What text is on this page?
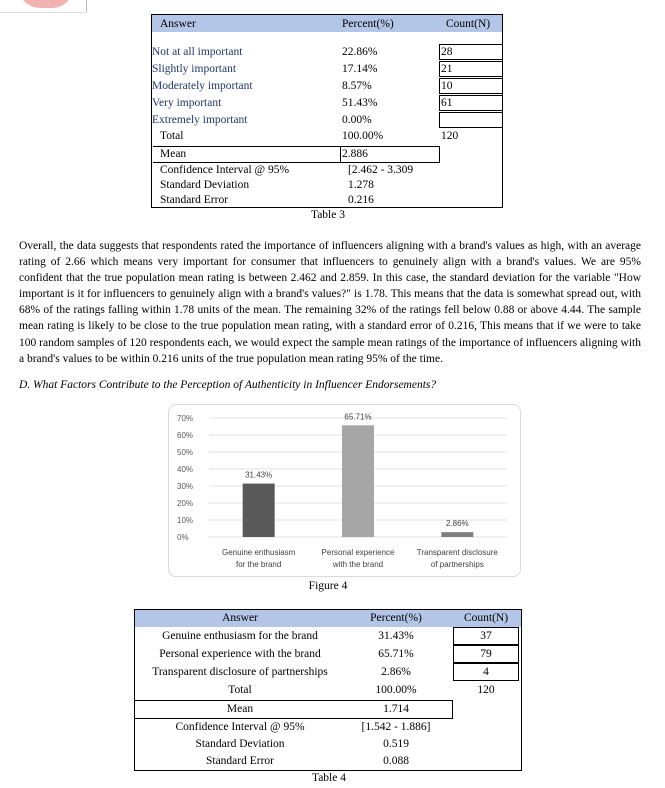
Answer	Percent(%)	Count(N)
Not at all important	22.86%	28
Slightly important	17.14%	21
Moderately important	8.57%	10
Very important	51.43%	61
Extremely important	0.00%
Total	100.00%	120
Mean	2.886
Confidence Interval @ 95%	[2.462 - 3.309
Standard Deviation	1.278
Standard Error	0.216
Table 3
Overall, the data suggests that respondents rated the importance of influencers aligning with a brand's values as high, with an average rating of 2.66 which means very important for consumer that influencers to genuinely align with a brand's values. We are 95% confident that the true population mean rating is between 2.462 and 2.859. In this case, the standard deviation for the variable "How important is it for influencers to genuinely align with a brand's values?" is 1.78. This means that the data is somewhat spread out, with 68% of the ratings falling within 1.78 units of the mean. The remaining 32% of the ratings fell below 0.88 or above 4.44. The sample mean rating is likely to be close to the true population mean rating, with a standard error of 0.216, This means that if we were to take 100 random samples of 120 respondents each, we would expect the sample mean ratings of the importance of influencers aligning with a brand's values to be within 0.216 units of the true population mean rating 95% of the time.
D. What Factors Contribute to the Perception of Authenticity in Influencer Endorsements?
0%
10%
20%
30%
40%
50%
60%
70%
31.43%
Genuine enthusiasm
for the brand
65.71%
Personal experience
with the brand
2.86%
Transparent disclosure
of partnerships
Figure 4
Answer	Percent(%)	Count(N)
Genuine enthusiasm for the brand	31.43%	37
Personal experience with the brand	65.71%	79
Transparent disclosure of partnerships	2.86%	4
Total	100.00%	120
Mean	1.714
Confidence Interval @ 95%	[1.542 - 1.886]
Standard Deviation	0.519
Standard Error	0.088
Table 4
